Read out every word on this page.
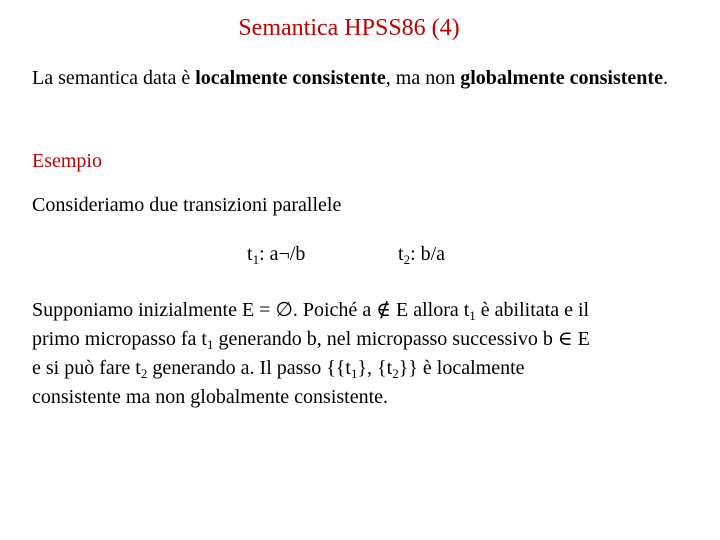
Semantica HPSS86 (4)

La semantica data è localmente consistente, ma non globalmente consistente.

Esempio

Consideriamo due transizioni parallele

$t_1$: a¬/b	$t_2$: b/a
Supponiamo inizialmente E = ∅. Poiché a ∉ E allora $t_1$ è abilitata e il
primo micropasso fa $t_1$ generando b, nel micropasso successivo b ∈ E
e si può fare $t_2$ generando a. Il passo {$\{t_1\}$, $\{t_2\}$} è localmente
consistente ma non globalmente consistente.
